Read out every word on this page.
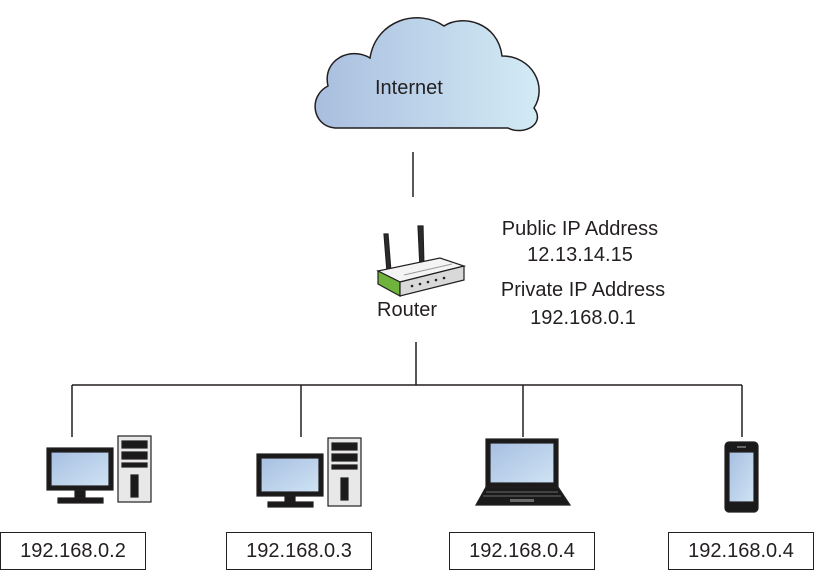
Internet
Router
Public IP Address
12.13.14.15
Private IP Address
192.168.0.1
192.168.0.2	192.168.0.3	192.168.0.4	192.168.0.4
